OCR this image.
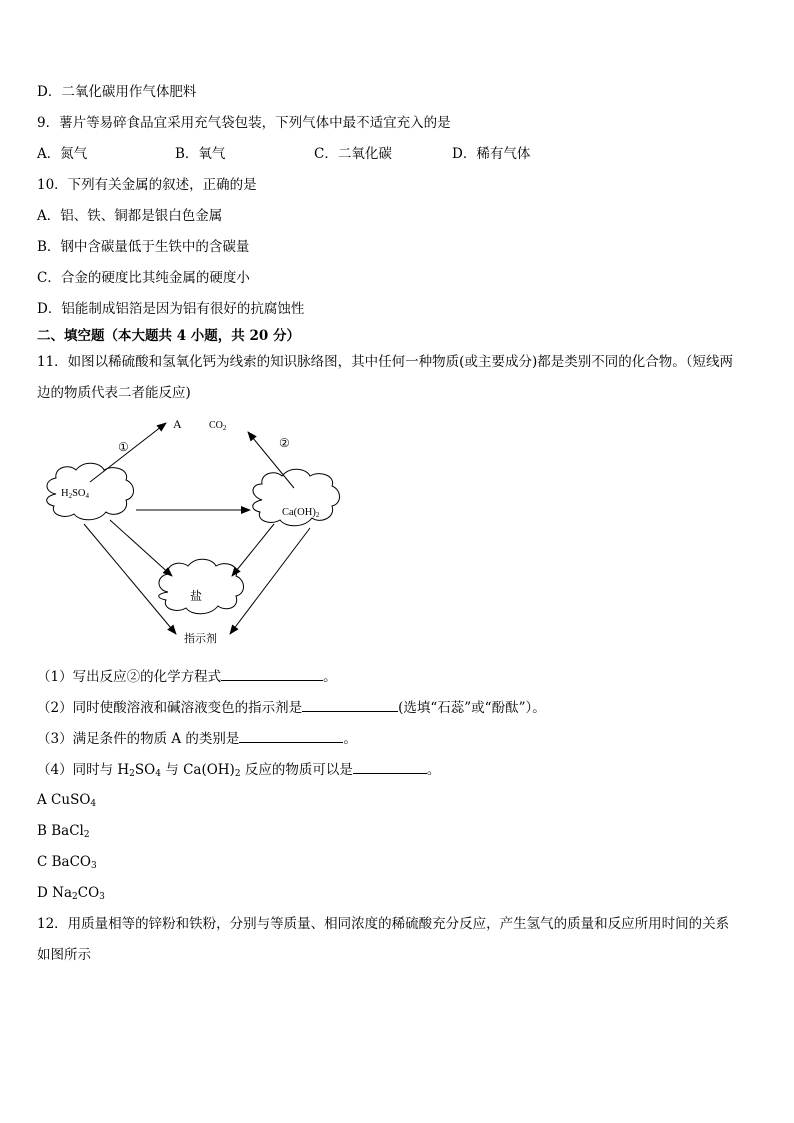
D．二氧化碳用作气体肥料
9．薯片等易碎食品宜采用充气袋包装，下列气体中最不适宜充入的是
A．氮气	B．氧气	C．二氧化碳	D．稀有气体
10．下列有关金属的叙述，正确的是
A．铝、铁、铜都是银白色金属
B．钢中含碳量低于生铁中的含碳量
C．合金的硬度比其纯金属的硬度小
D．铝能制成铝箔是因为铝有很好的抗腐蚀性
二、填空题（本大题共 4 小题，共 20 分）
11．如图以稀硫酸和氢氧化钙为线索的知识脉络图，其中任何一种物质(或主要成分)都是类别不同的化合物。（短线两
边的物质代表二者能反应)
H2SO4
Ca(OH)2
盐
A	$CO_2$
①	②
指示剂
（1）写出反应②的化学方程式	。
（2）同时使酸溶液和碱溶液变色的指示剂是	(选填“石蕊”或“酚酞”）。
（3）满足条件的物质 A 的类别是	。
（4）同时与 $H_2SO_4$ 与 $Ca(OH)_2$ 反应的物质可以是	。
A CuSO$_4$
B BaCl$_2$
C BaCO$_3$
D $Na_2CO_3$
12．用质量相等的锌粉和铁粉，分别与等质量、相同浓度的稀硫酸充分反应，产生氢气的质量和反应所用时间的关系
如图所示
